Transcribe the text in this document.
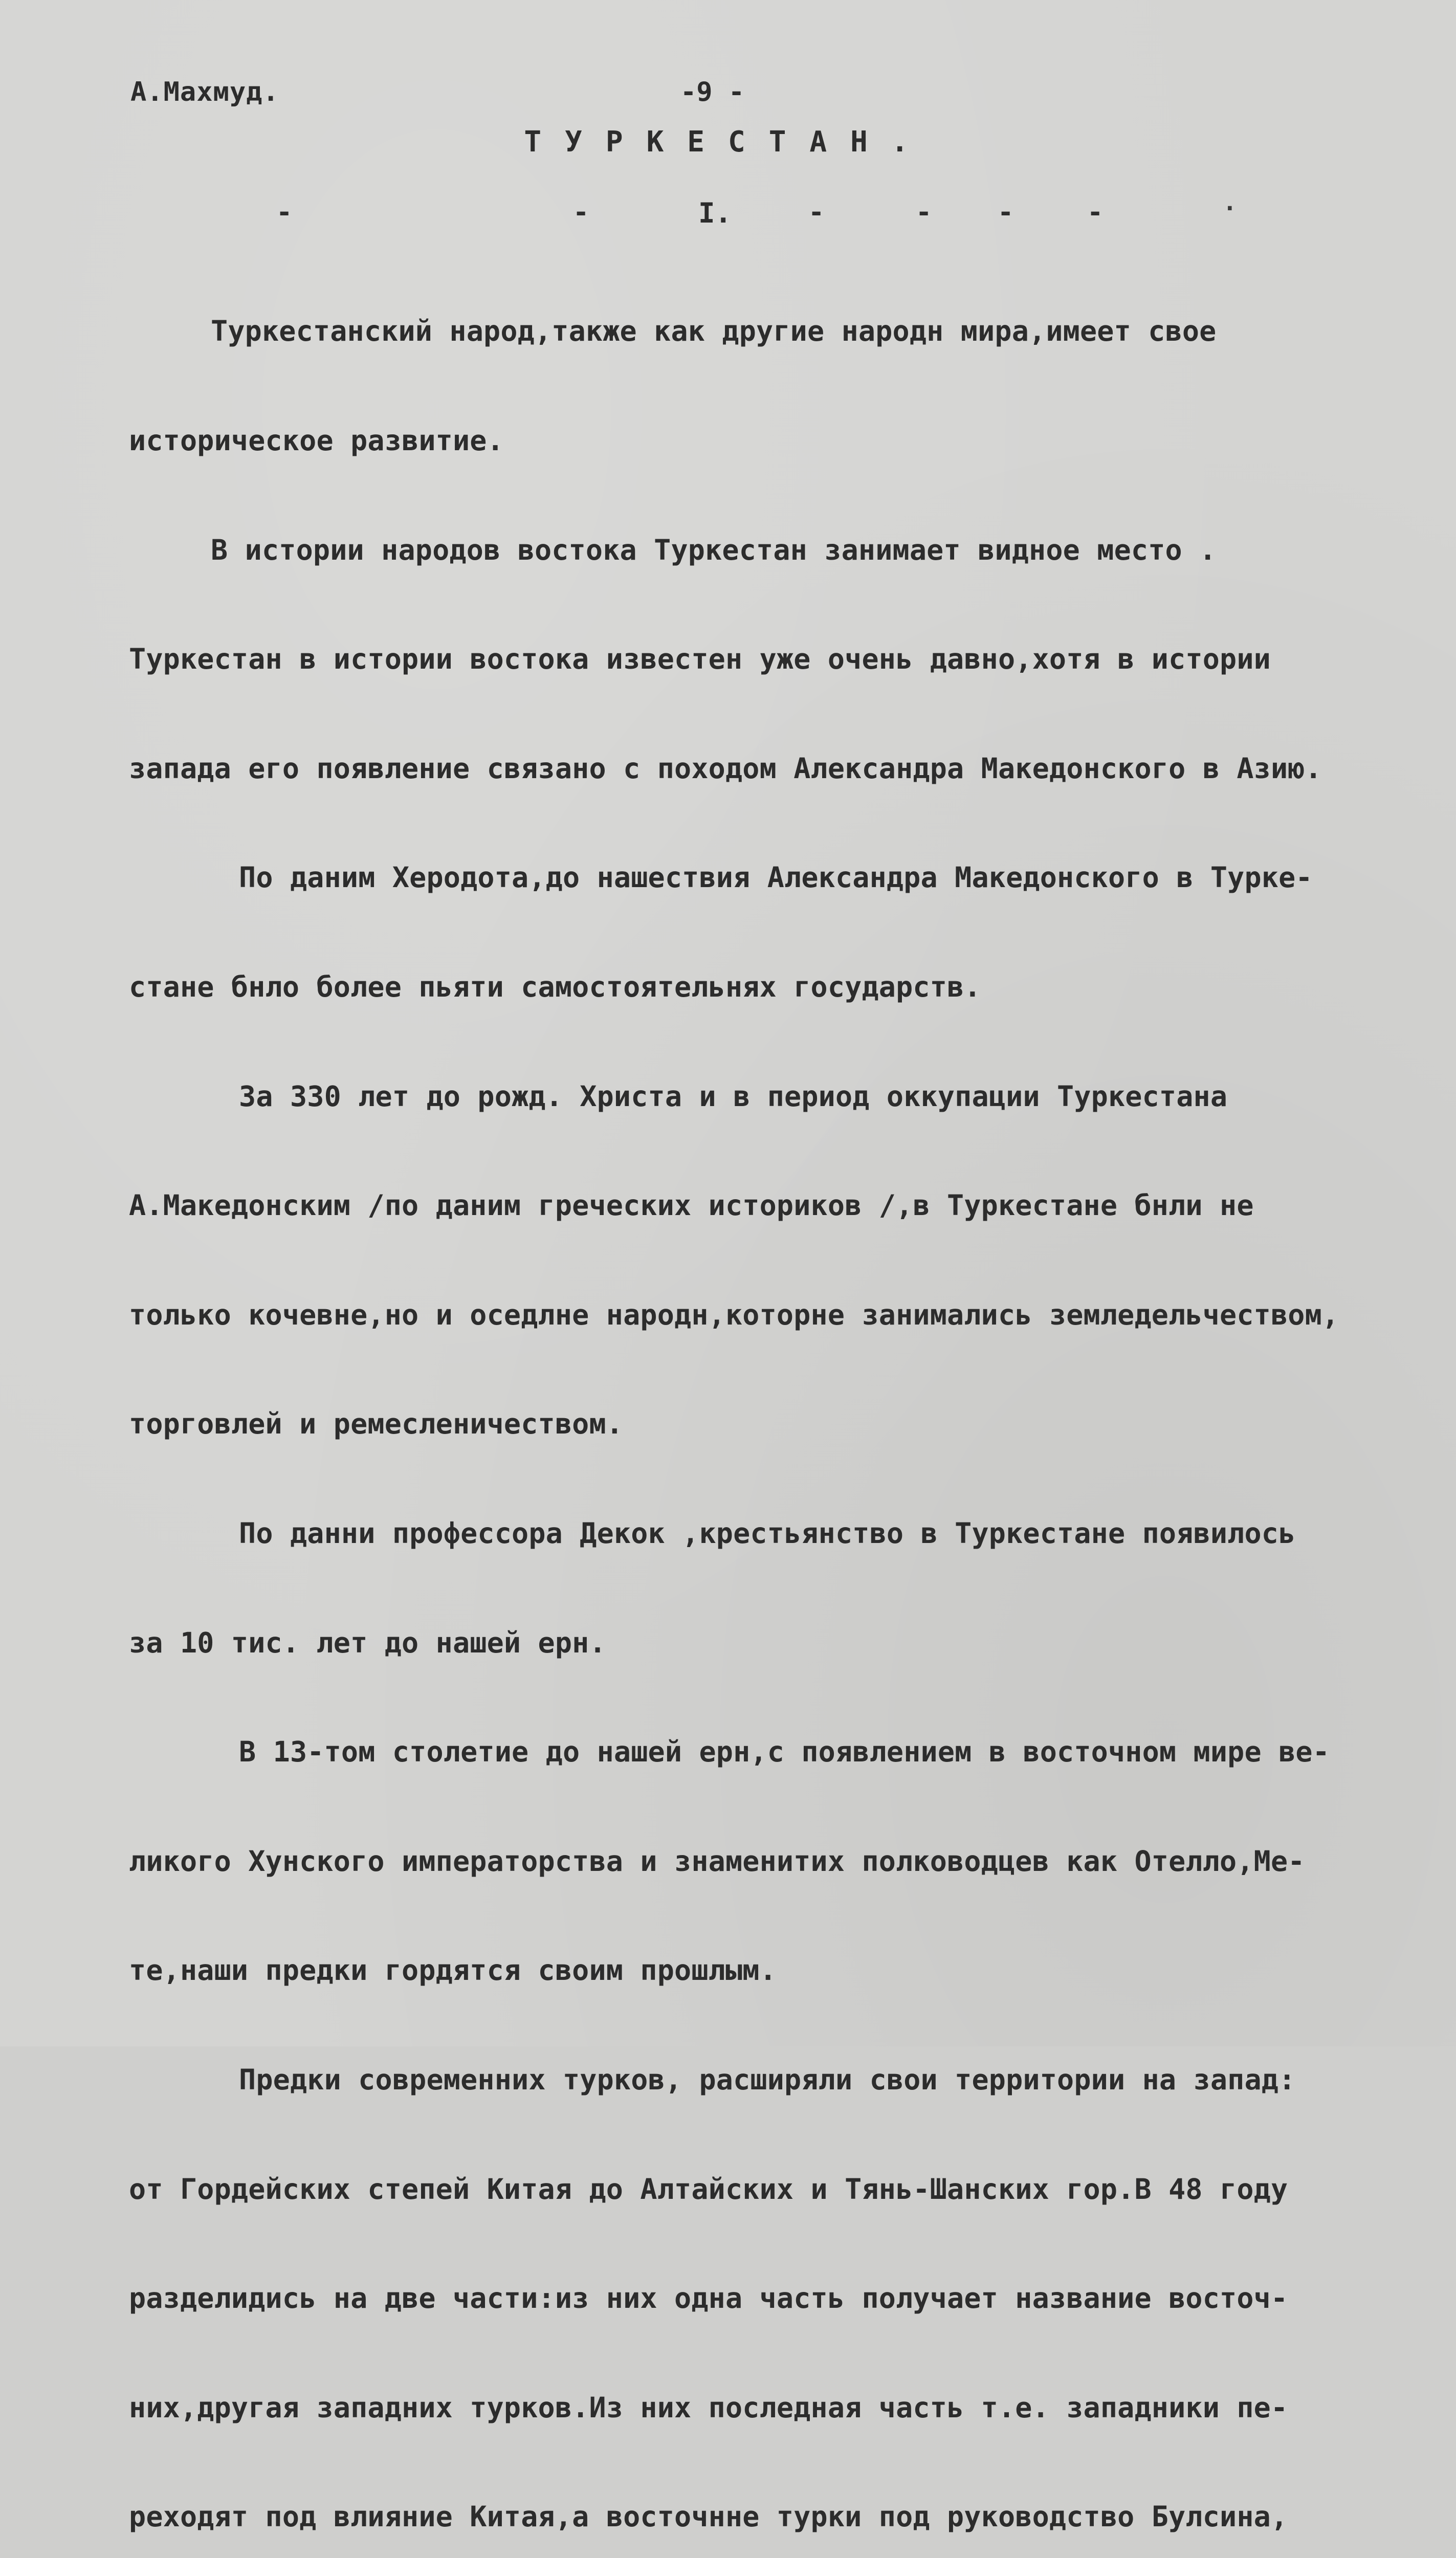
А.Махмуд.	-9 -
ТУРКЕСТАН.
-	-	I.	-	- -	-	·

Туркестанский народ,также как другие народн мира,имеет свое

историческое развитие.

В истории народов востока Туркестан занимает видное место .

Туркестан в истории востока известен уже очень давно,хотя в истории

запада его появление связано с походом Александра Македонского в Азию.

По даним Херодота,до нашествия Александра Македонского в Турке-

стане бнло более пьяти самостоятельнях государств.

За 330 лет до рожд. Христа и в период оккупации Туркестана

А.Македонским /по даним греческих историков /,в Туркестане бнли не

только кочевне,но и оседлне народн,которне занимались земледельчеством,

торговлей и ремесленичеством.

По данни профессора Декок ,крестьянство в Туркестане появилось

за 10 тис. лет до нашей ерн.

В 13-том столетие до нашей ерн,с появлением в восточном мире ве-

ликого Хунского императорства и знаменитих полководцев как Отелло,Ме-

те,наши предки гордятся своим прошлым.

Предки современних турков, расширяли свои территории на запад:

от Гордейских степей Китая до Алтайских и Тянь-Шанских гор.В 48 году

разделидись на две части:из них одна часть получает название восточ-

них,другая западних турков.Из них последная часть т.е. западники пе-

реходят под влияние Китая,а восточнне турки под руководство Булсина,
